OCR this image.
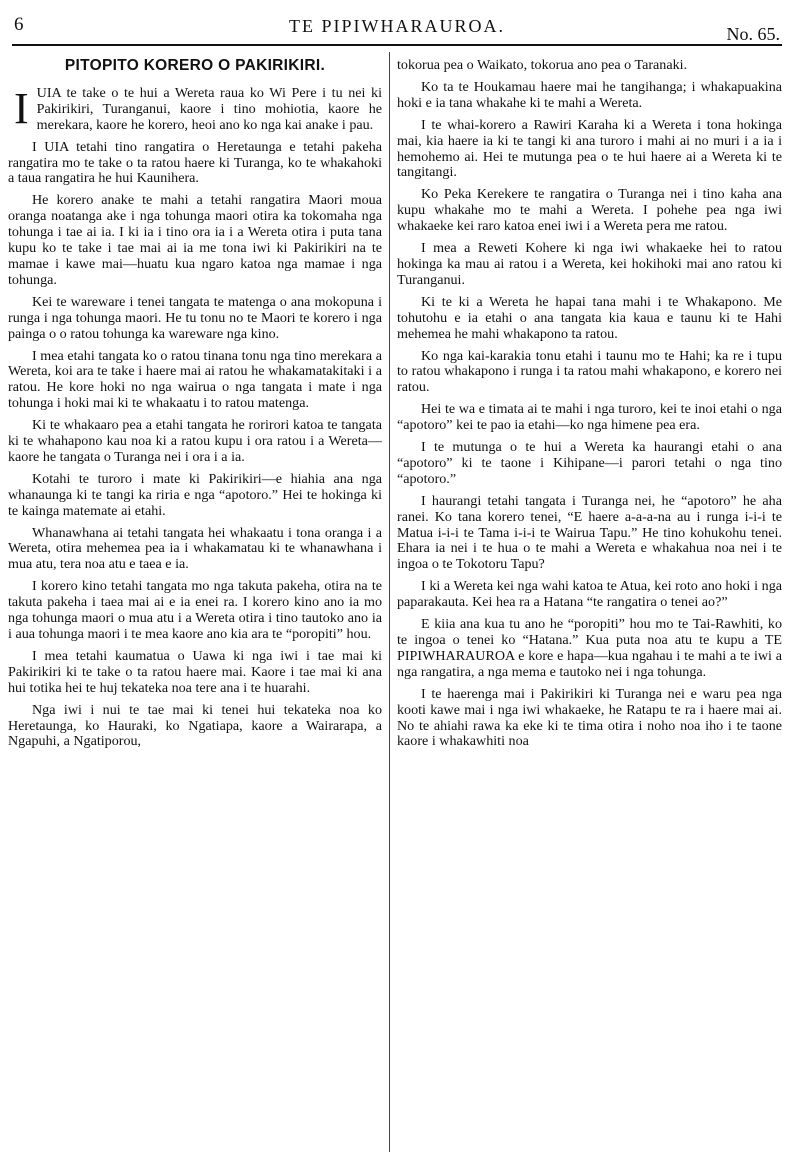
6	TE PIPIWHARAUROA.	No. 65.
PITOPITO KORERO O PAKIRIKIRI.

IUIA te take o te hui a Wereta raua ko Wi Pere i tu nei ki Pakirikiri, Turanganui, kaore i tino mohiotia, kaore he merekara, kaore he korero, heoi ano ko nga kai anake i pau.

I UIA tetahi tino rangatira o Heretaunga e tetahi pakeha rangatira mo te take o ta ratou haere ki Turanga, ko te whakahoki a taua rangatira he hui Kaunihera.

He korero anake te mahi a tetahi rangatira Maori moua oranga noatanga ake i nga tohunga maori otira ka tokomaha nga tohunga i tae ai ia. I ki ia i tino ora ia i a Wereta otira i puta tana kupu ko te take i tae mai ai ia me tona iwi ki Pakirikiri na te mamae i kawe mai—huatu kua ngaro katoa nga mamae i nga tohunga.

Kei te wareware i tenei tangata te matenga o ana mokopuna i runga i nga tohunga maori. He tu tonu no te Maori te korero i nga painga o o ratou tohunga ka wareware nga kino.

I mea etahi tangata ko o ratou tinana tonu nga tino merekara a Wereta, koi ara te take i haere mai ai ratou he whakamatakitaki i a ratou. He kore hoki no nga wairua o nga tangata i mate i nga tohunga i hoki mai ki te whakaatu i to ratou matenga.

Ki te whakaaro pea a etahi tangata he rorirori katoa te tangata ki te whahapono kau noa ki a ratou kupu i ora ratou i a Wereta—kaore he tangata o Turanga nei i ora i a ia.

Kotahi te turoro i mate ki Pakirikiri—e hiahia ana nga whanaunga ki te tangi ka riria e nga “apotoro.” Hei te hokinga ki te kainga matemate ai etahi.

Whanawhana ai tetahi tangata hei whakaatu i tona oranga i a Wereta, otira mehemea pea ia i whakamatau ki te whanawhana i mua atu, tera noa atu e taea e ia.

I korero kino tetahi tangata mo nga takuta pakeha, otira na te takuta pakeha i taea mai ai e ia enei ra. I korero kino ano ia mo nga tohunga maori o mua atu i a Wereta otira i tino tautoko ano ia i aua tohunga maori i te mea kaore ano kia ara te “poropiti” hou.

I mea tetahi kaumatua o Uawa ki nga iwi i tae mai ki Pakirikiri ki te take o ta ratou haere mai. Kaore i tae mai ki ana hui totika hei te huj tekateka noa tere ana i te huarahi.

Nga iwi i nui te tae mai ki tenei hui tekateka noa ko Heretaunga, ko Hauraki, ko Ngatiapa, kaore a Wairarapa, a Ngapuhi, a Ngatiporou,

tokorua pea o Waikato, tokorua ano pea o Taranaki.

Ko ta te Houkamau haere mai he tangihanga; i whakapuakina hoki e ia tana whakahe ki te mahi a Wereta.

I te whai-korero a Rawiri Karaha ki a Wereta i tona hokinga mai, kia haere ia ki te tangi ki ana turoro i mahi ai no muri i a ia i hemohemo ai. Hei te mutunga pea o te hui haere ai a Wereta ki te tangitangi.

Ko Peka Kerekere te rangatira o Turanga nei i tino kaha ana kupu whakahe mo te mahi a Wereta. I pohehe pea nga iwi whakaeke kei raro katoa enei iwi i a Wereta pera me ratou.

I mea a Reweti Kohere ki nga iwi whakaeke hei to ratou hokinga ka mau ai ratou i a Wereta, kei hokihoki mai ano ratou ki Turanganui.

Ki te ki a Wereta he hapai tana mahi i te Whakapono. Me tohutohu e ia etahi o ana tangata kia kaua e taunu ki te Hahi mehemea he mahi whakapono ta ratou.

Ko nga kai-karakia tonu etahi i taunu mo te Hahi; ka re i tupu to ratou whakapono i runga i ta ratou mahi whakapono, e korero nei ratou.

Hei te wa e timata ai te mahi i nga turoro, kei te inoi etahi o nga “apotoro” kei te pao ia etahi—ko nga himene pea era.

I te mutunga o te hui a Wereta ka haurangi etahi o ana “apotoro” ki te taone i Kihipane—i parori tetahi o nga tino “apotoro.”

I haurangi tetahi tangata i Turanga nei, he “apotoro” he aha ranei. Ko tana korero tenei, “E haere a-a-a-na au i runga i-i-i te Matua i-i-i te Tama i-i-i te Wairua Tapu.” He tino kohukohu tenei. Ehara ia nei i te hua o te mahi a Wereta e whakahua noa nei i te ingoa o te Tokotoru Tapu?

I ki a Wereta kei nga wahi katoa te Atua, kei roto ano hoki i nga paparakauta. Kei hea ra a Hatana “te rangatira o tenei ao?”

E kiia ana kua tu ano he “poropiti” hou mo te Tai-Rawhiti, ko te ingoa o tenei ko “Hatana.” Kua puta noa atu te kupu a TE PIPIWHARAUROA e kore e hapa—kua ngahau i te mahi a te iwi a nga rangatira, a nga mema e tautoko nei i nga tohunga.

I te haerenga mai i Pakirikiri ki Turanga nei e waru pea nga kooti kawe mai i nga iwi whakaeke, he Ratapu te ra i haere mai ai. No te ahiahi rawa ka eke ki te tima otira i noho noa iho i te taone kaore i whakawhiti noa
